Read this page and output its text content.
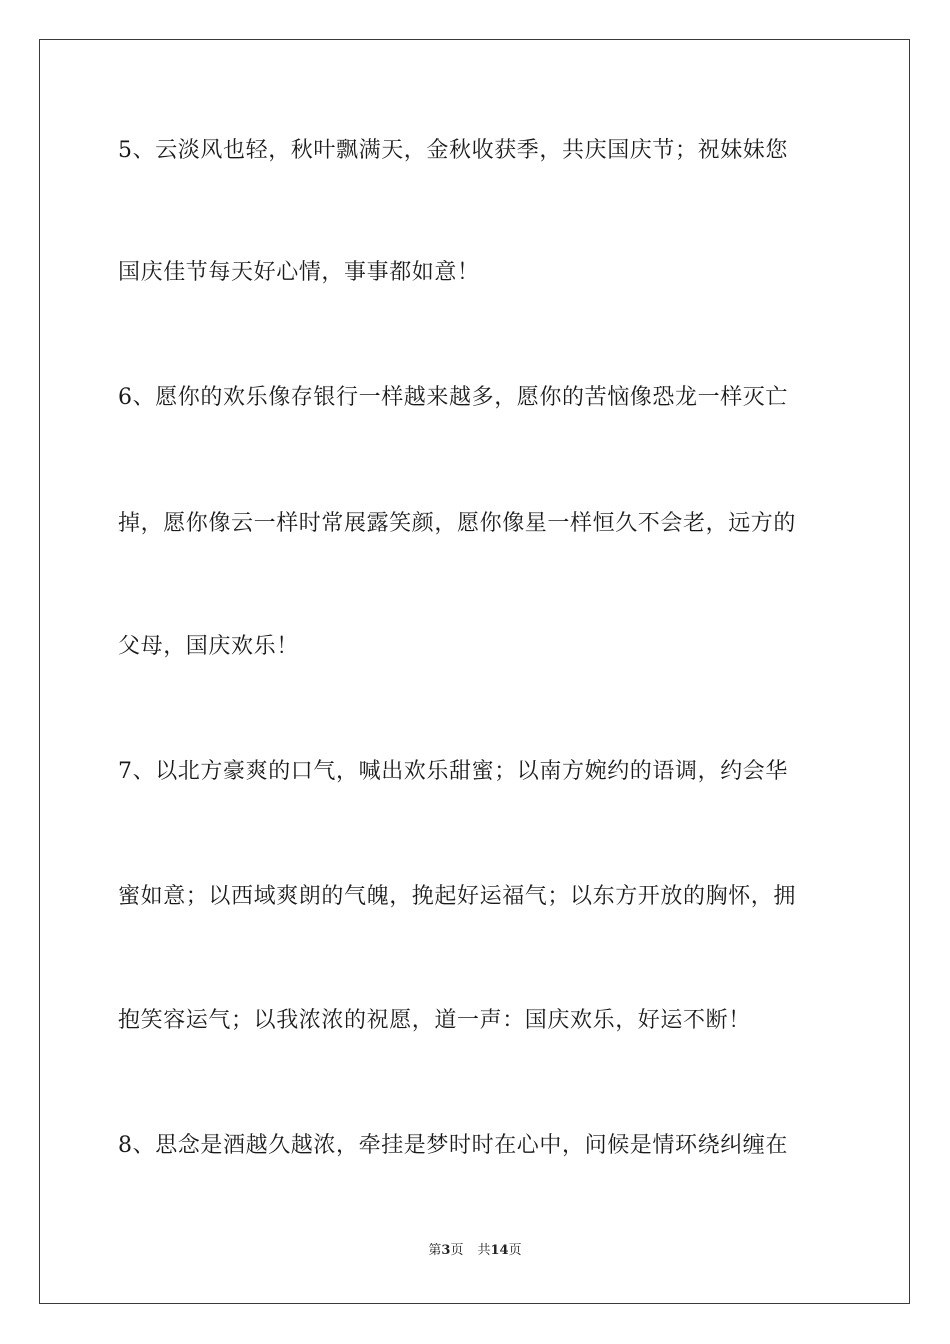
5、云淡风也轻，秋叶飘满天，金秋收获季，共庆国庆节；祝妹妹您
国庆佳节每天好心情，事事都如意！
6、愿你的欢乐像存银行一样越来越多，愿你的苦恼像恐龙一样灭亡
掉，愿你像云一样时常展露笑颜，愿你像星一样恒久不会老，远方的
父母，国庆欢乐！
7、以北方豪爽的口气，喊出欢乐甜蜜；以南方婉约的语调，约会华
蜜如意；以西域爽朗的气魄，挽起好运福气；以东方开放的胸怀，拥
抱笑容运气；以我浓浓的祝愿，道一声：国庆欢乐，好运不断！
8、思念是酒越久越浓，牵挂是梦时时在心中，问候是情环绕纠缠在
第3页 共14页
